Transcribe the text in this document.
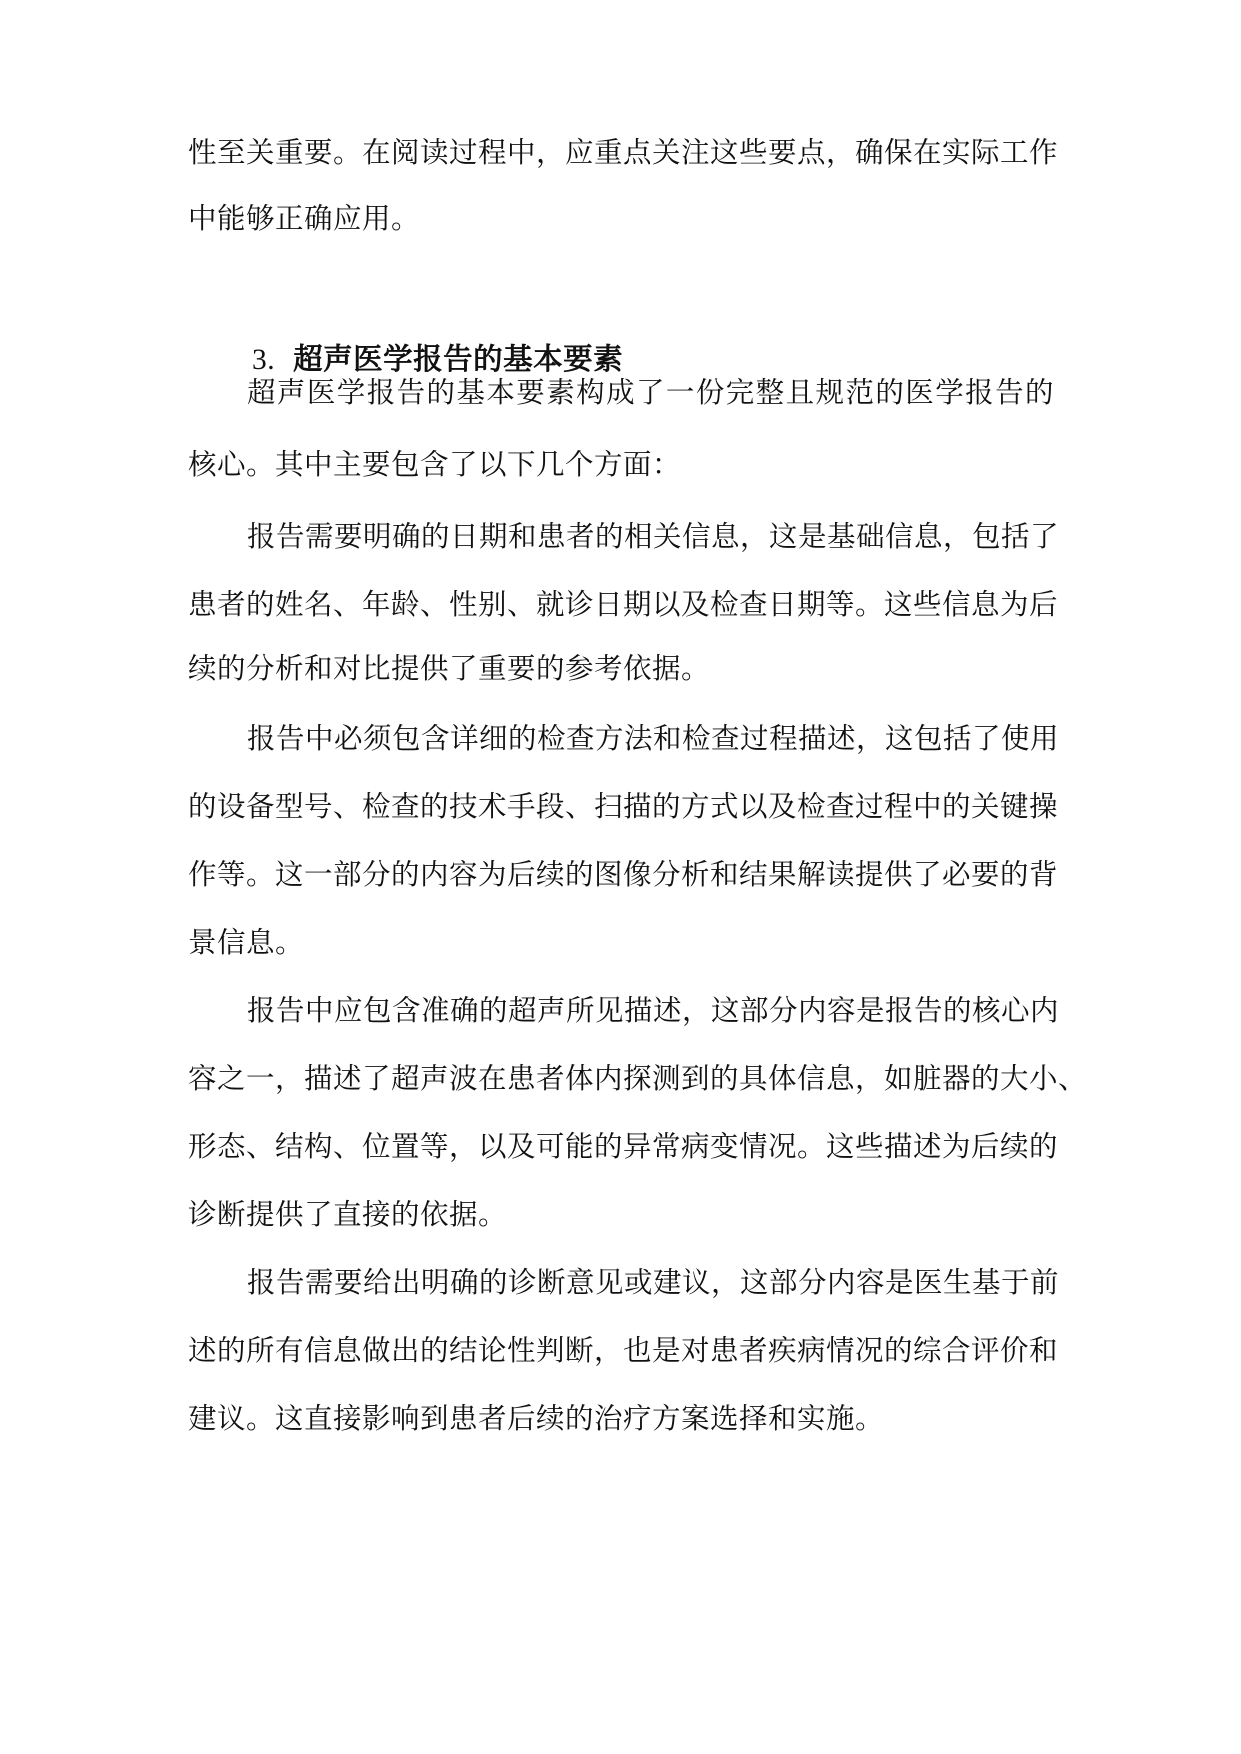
性至关重要。在阅读过程中，应重点关注这些要点，确保在实际工作
中能够正确应用。
3. 超声医学报告的基本要素
超声医学报告的基本要素构成了一份完整且规范的医学报告的
核心。其中主要包含了以下几个方面：
报告需要明确的日期和患者的相关信息，这是基础信息，包括了
患者的姓名、年龄、性别、就诊日期以及检查日期等。这些信息为后
续的分析和对比提供了重要的参考依据。
报告中必须包含详细的检查方法和检查过程描述，这包括了使用
的设备型号、检查的技术手段、扫描的方式以及检查过程中的关键操
作等。这一部分的内容为后续的图像分析和结果解读提供了必要的背
景信息。
报告中应包含准确的超声所见描述，这部分内容是报告的核心内
容之一，描述了超声波在患者体内探测到的具体信息，如脏器的大小、
形态、结构、位置等，以及可能的异常病变情况。这些描述为后续的
诊断提供了直接的依据。
报告需要给出明确的诊断意见或建议，这部分内容是医生基于前
述的所有信息做出的结论性判断，也是对患者疾病情况的综合评价和
建议。这直接影响到患者后续的治疗方案选择和实施。
